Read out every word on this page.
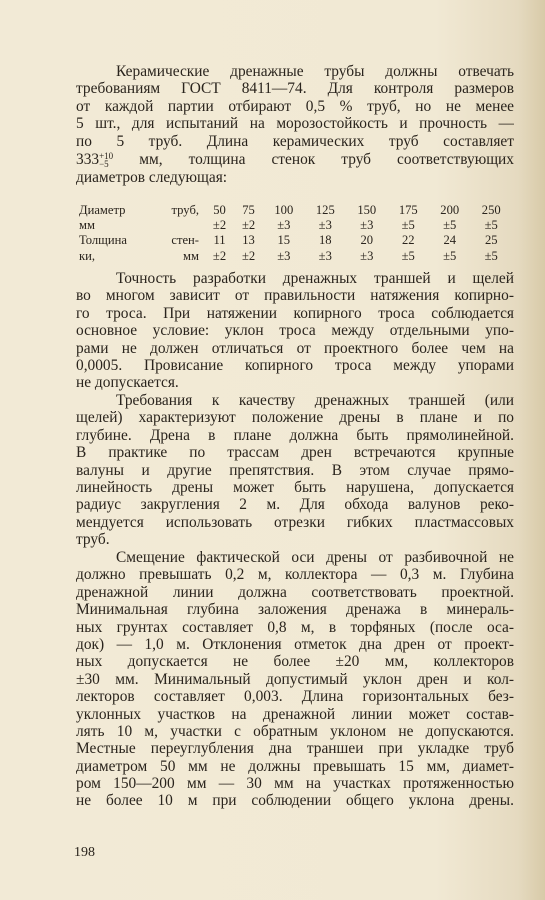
Керамические дренажные трубы должны отвечать
требованиям ГОСТ 8411—74. Для контроля размеров
от каждой партии отбирают 0,5 % труб, но не менее
5 шт., для испытаний на морозостойкость и прочность —
по 5 труб. Длина керамических труб составляет
333 +10
−5 мм, толщина стенок труб соответствующих
диаметров следующая:
Диаметр труб,	50	75	100	125	150	175	200	250
мм	±2	±2	±3	±3	±3	±5	±5	±5
Толщина стен-	11	13	15	18	20	22	24	25
ки, мм	±2	±2	±3	±3	±3	±5	±5	±5
Точность разработки дренажных траншей и щелей
во многом зависит от правильности натяжения копирно-
го троса. При натяжении копирного троса соблюдается
основное условие: уклон троса между отдельными упо-
рами не должен отличаться от проектного более чем на
0,0005. Провисание копирного троса между упорами
не допускается.
Требования к качеству дренажных траншей (или
щелей) характеризуют положение дрены в плане и по
глубине. Дрена в плане должна быть прямолинейной.
В практике по трассам дрен встречаются крупные
валуны и другие препятствия. В этом случае прямо-
линейность дрены может быть нарушена, допускается
радиус закругления 2 м. Для обхода валунов реко-
мендуется использовать отрезки гибких пластмассовых
труб.
Смещение фактической оси дрены от разбивочной не
должно превышать 0,2 м, коллектора — 0,3 м. Глубина
дренажной линии должна соответствовать проектной.
Минимальная глубина заложения дренажа в минераль-
ных грунтах составляет 0,8 м, в торфяных (после оса-
док) — 1,0 м. Отклонения отметок дна дрен от проект-
ных допускается не более ±20 мм, коллекторов
±30 мм. Минимальный допустимый уклон дрен и кол-
лекторов составляет 0,003. Длина горизонтальных без-
уклонных участков на дренажной линии может состав-
лять 10 м, участки с обратным уклоном не допускаются.
Местные переуглубления дна траншеи при укладке труб
диаметром 50 мм не должны превышать 15 мм, диамет-
ром 150—200 мм — 30 мм на участках протяженностью
не более 10 м при соблюдении общего уклона дрены.
198
